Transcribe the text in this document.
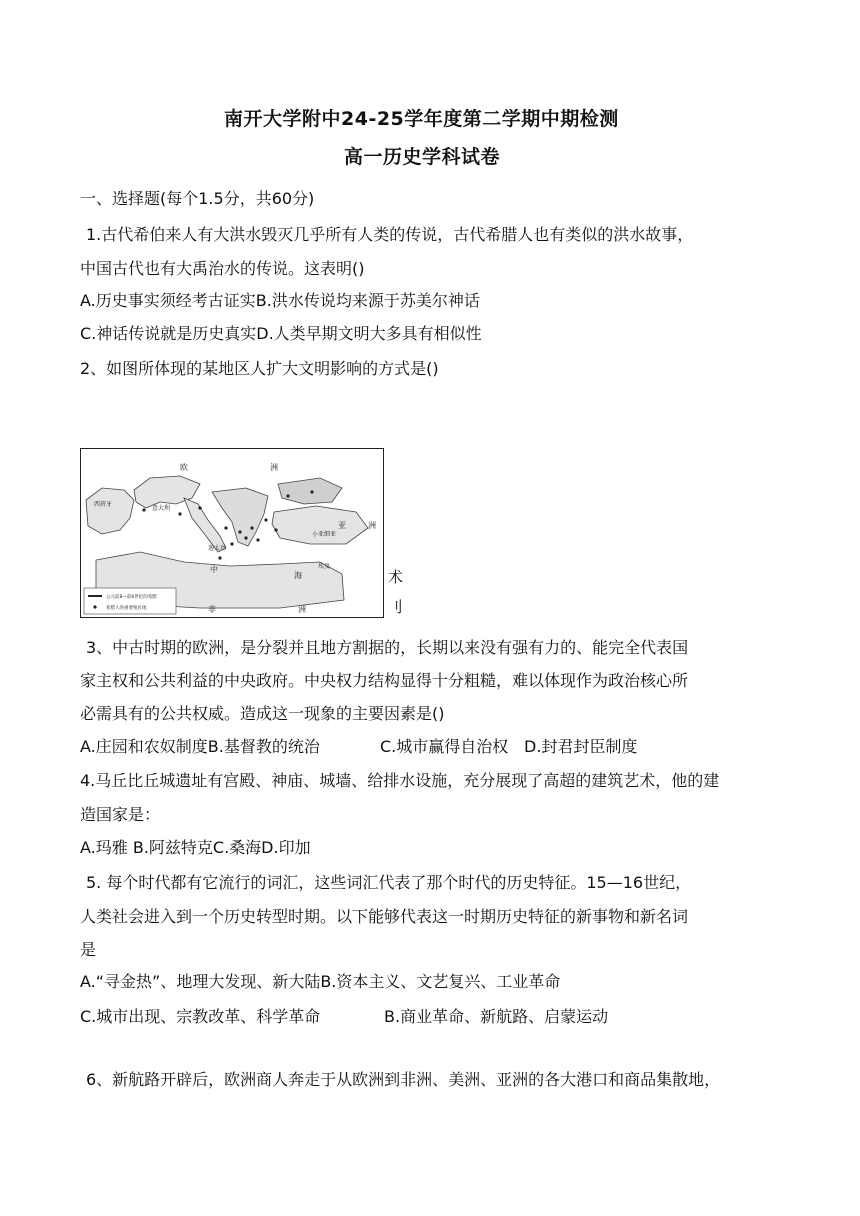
南开大学附中24-25学年度第二学期中期检测
高一历史学科试卷
一、选择题(每个1.5分，共60分)
1.古代希伯来人有大洪水毁灭几乎所有人类的传说，古代希腊人也有类似的洪水故事，
中国古代也有大禹治水的传说。这表明()
A.历史事实须经考古证实B.洪水传说均来源于苏美尔神话
C.神话传说就是历史真实D.人类早期文明大多具有相似性
2、如图所体现的某地区人扩大文明影响的方式是()
欧	洲
西班牙
意大利
亚	洲
小亚细亚
迦太基
非	洲
埃及
中
海
公元前8—前6世纪的希腊
希腊人的重要殖民地
术
刂
3、中古时期的欧洲，是分裂并且地方割据的，长期以来没有强有力的、能完全代表国
家主权和公共利益的中央政府。中央权力结构显得十分粗糙，难以体现作为政治核心所
必需具有的公共权威。造成这一现象的主要因素是()
A.庄园和农奴制度B.基督教的统治	C.城市赢得自治权 D.封君封臣制度
4.马丘比丘城遗址有宫殿、神庙、城墙、给排水设施，充分展现了高超的建筑艺术，他的建
造国家是：
A.玛雅 B.阿兹特克C.桑海D.印加
5. 每个时代都有它流行的词汇，这些词汇代表了那个时代的历史特征。15—16世纪，
人类社会进入到一个历史转型时期。以下能够代表这一时期历史特征的新事物和新名词
是
A.“寻金热”、地理大发现、新大陆B.资本主义、文艺复兴、工业革命
C.城市出现、宗教改革、科学革命	B.商业革命、新航路、启蒙运动
6、新航路开辟后，欧洲商人奔走于从欧洲到非洲、美洲、亚洲的各大港口和商品集散地，
